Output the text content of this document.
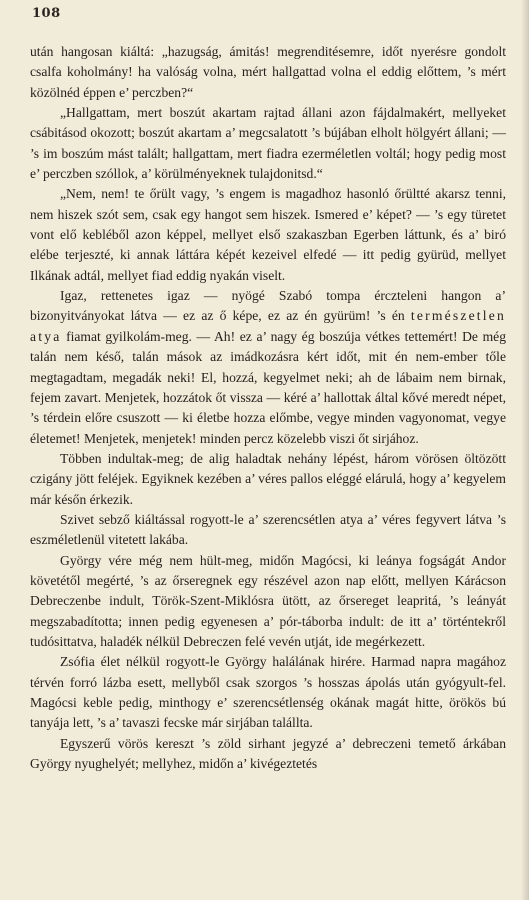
108

után hangosan kiáltá: „hazugság, ámitás! megrenditésemre, időt nyerésre gondolt csalfa koholmány! ha valóság volna, mért hallgattad volna el eddig előttem, ’s mért közölnéd éppen e’ perczben?“

„Hallgattam, mert boszút akartam rajtad állani azon fájdalmakért, mellyeket csábitásod okozott; boszút akartam a’ megcsalatott ’s bújában elholt hölgyért állani; — ’s im boszúm mást talált; hallgattam, mert fiadra ezerméletlen voltál; hogy pedig most e’ perczben szóllok, a’ körülményeknek tulajdonitsd.“

„Nem, nem! te őrült vagy, ’s engem is magadhoz hasonló őrültté akarsz tenni, nem hiszek szót sem, csak egy hangot sem hiszek. Ismered e’ képet? — ’s egy türetet vont elő kebléből azon képpel, mellyet első szakaszban Egerben láttunk, és a’ biró elébe terjeszté, ki annak láttára képét kezeivel elfedé — itt pedig gyürüd, mellyet Ilkának adtál, mellyet fiad eddig nyakán viselt.

Igaz, rettenetes igaz — nyögé Szabó tompa érczteleni hangon a’ bizonyitványokat látva — ez az ő képe, ez az én gyürüm! ’s én természetlen atya fiamat gyilkolám-meg. — Ah! ez a’ nagy ég boszúja vétkes tettemért! De még talán nem késő, talán mások az imádkozásra kért időt, mit én nem-ember tőle megtagadtam, megadák neki! El, hozzá, kegyelmet neki; ah de lábaim nem birnak, fejem zavart. Menjetek, hozzátok őt vissza — kéré a’ hallottak által kővé meredt népet, ’s térdein előre csuszott — ki életbe hozza előmbe, vegye minden vagyonomat, vegye életemet! Menjetek, menjetek! minden percz közelebb viszi őt sirjához.

Többen indultak-meg; de alig haladtak nehány lépést, három vörösen öltözött czigány jött feléjek. Egyiknek kezében a’ véres pallos eléggé elárulá, hogy a’ kegyelem már későn érkezik.

Szivet sebző kiáltással rogyott-le a’ szerencsétlen atya a’ véres fegyvert látva ’s eszméletlenül vitetett lakába.

György vére még nem hült-meg, midőn Magócsi, ki leánya fogságát Andor követétől megérté, ’s az őrseregnek egy részével azon nap előtt, mellyen Kárácson Debreczenbe indult, Török-Szent-Miklósra ütött, az őrsereget leapritá, ’s leányát megszabadította; innen pedig egyenesen a’ pór-táborba indult: de itt a’ történtekről tudósittatva, haladék nélkül Debreczen felé vevén utját, ide megérkezett.

Zsófia élet nélkül rogyott-le György halálának hirére. Harmad napra magához térvén forró lázba esett, mellyből csak szorgos ’s hosszas ápolás után gyógyult-fel. Magócsi keble pedig, minthogy e’ szerencsétlenség okának magát hitte, örökös bú tanyája lett, ’s a’ tavaszi fecske már sirjában talállta.

Egyszerű vörös kereszt ’s zöld sirhant jegyzé a’ debreczeni temető árkában György nyughelyét; mellyhez, midőn a’ kivégeztetés
